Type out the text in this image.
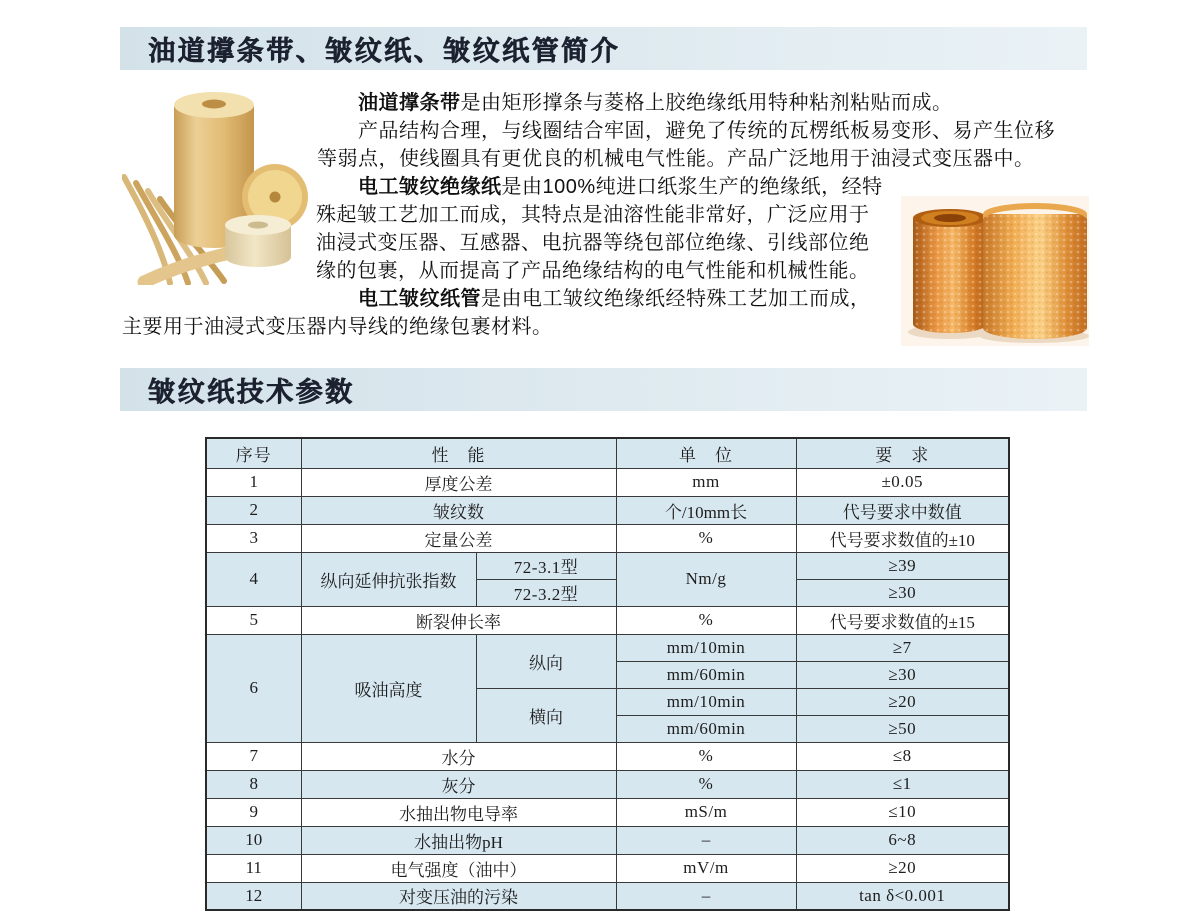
油道撑条带、皱纹纸、皱纹纸管简介
油道撑条带是由矩形撑条与菱格上胶绝缘纸用特种粘剂粘贴而成。
产品结构合理，与线圈结合牢固，避免了传统的瓦楞纸板易变形、易产生位移
等弱点，使线圈具有更优良的机械电气性能。产品广泛地用于油浸式变压器中。
电工皱纹绝缘纸是由100%纯进口纸浆生产的绝缘纸，经特
殊起皱工艺加工而成，其特点是油溶性能非常好，广泛应用于
油浸式变压器、互感器、电抗器等绕包部位绝缘、引线部位绝
缘的包裹，从而提高了产品绝缘结构的电气性能和机械性能。
电工皱纹纸管是由电工皱纹绝缘纸经特殊工艺加工而成，
主要用于油浸式变压器内导线的绝缘包裹材料。
皱纹纸技术参数
序号	性　能		单　位	要　求
1	厚度公差		mm	±0.05
2	皱纹数		个/10mm长	代号要求中数值
3	定量公差		%	代号要求数值的±10
4	纵向延伸抗张指数	72-3.1型	Nm/g	≥39
		72-3.2型		≥30
5	断裂伸长率		%	代号要求数值的±15
6	吸油高度	纵向	mm/10min	≥7
			mm/60min	≥30
		横向	mm/10min	≥20
			mm/60min	≥50
7	水分		%	≤8
8	灰分		%	≤1
9	水抽出物电导率		mS/m	≤10
10	水抽出物pH		–	6~8
11	电气强度（油中）		mV/m	≥20
12	对变压油的污染		–	tan δ<0.001
